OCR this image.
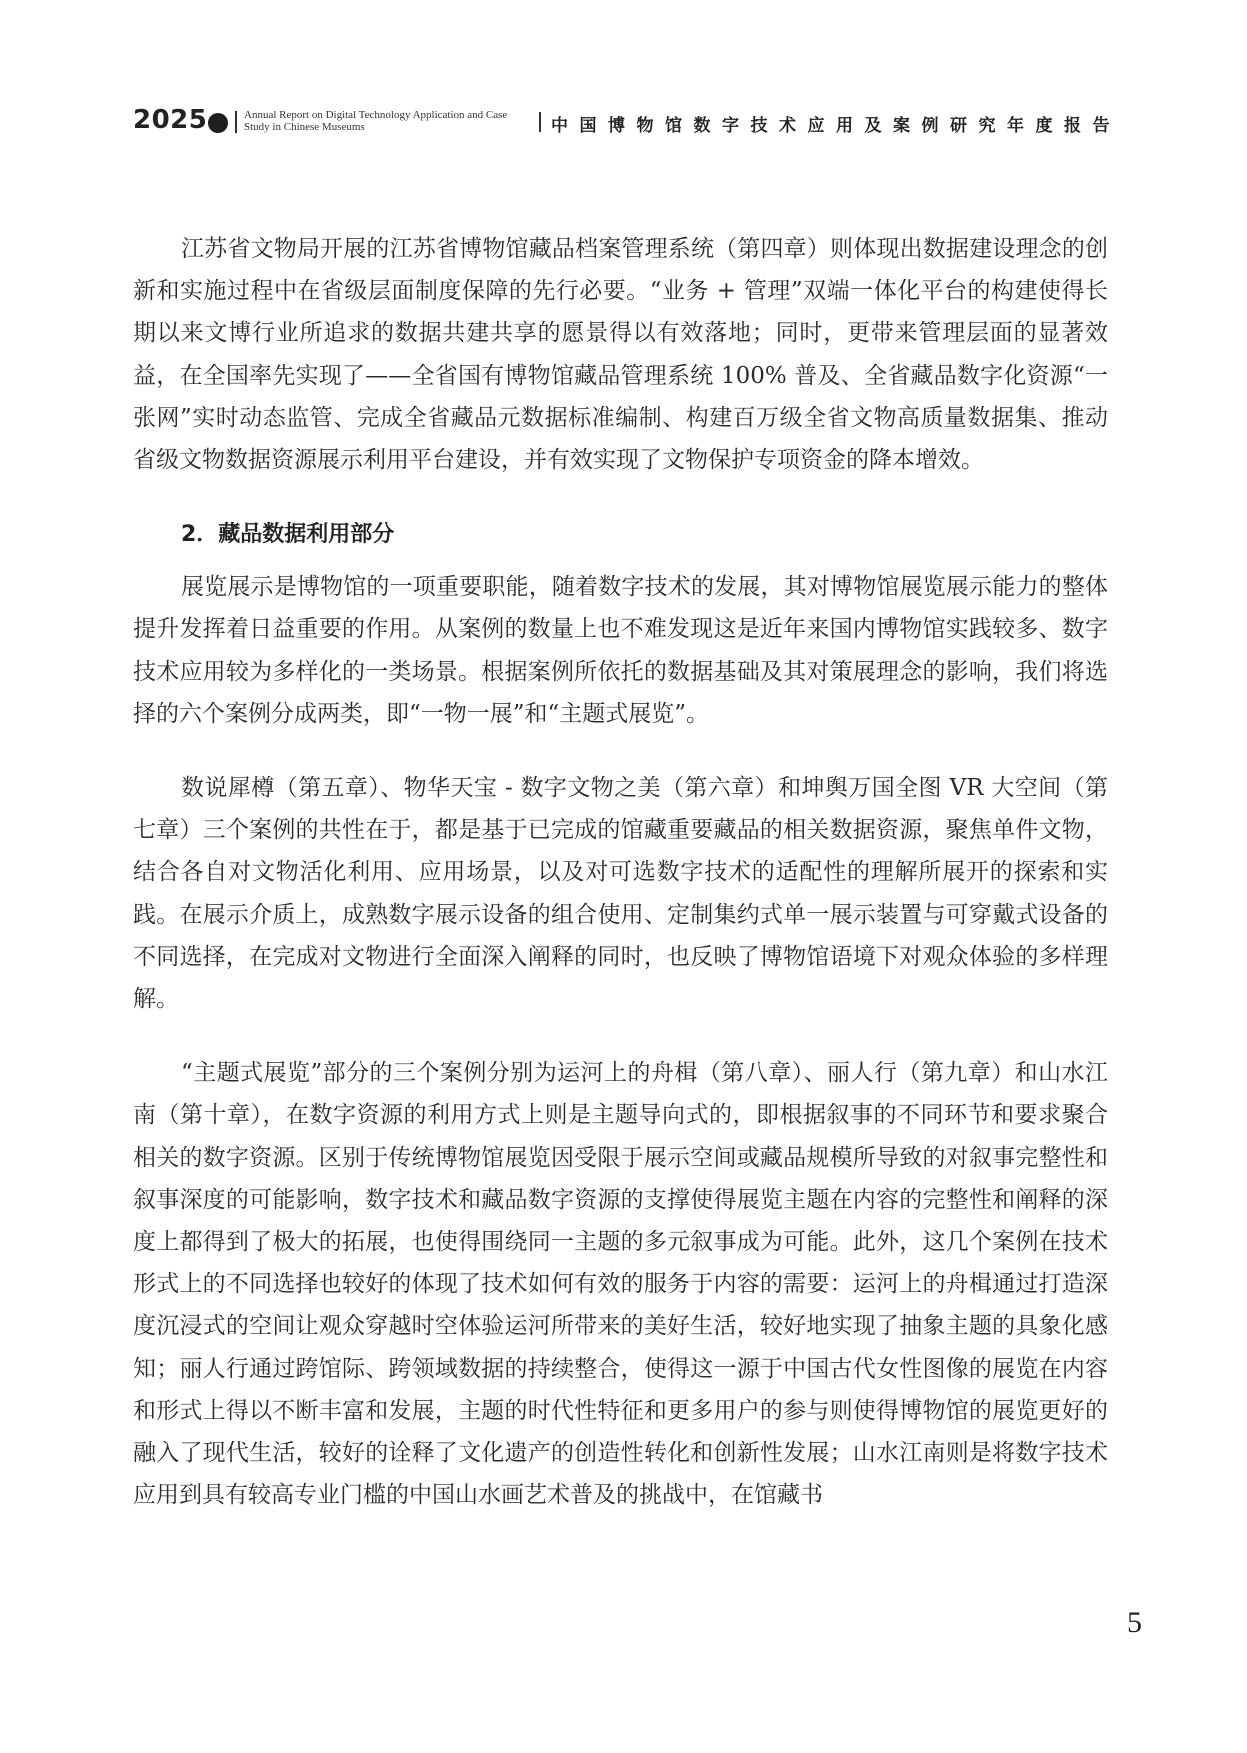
2025	Annual Report on Digital Technology Application and Case Study in Chinese Museums	中国博物馆数字技术应用及案例研究年度报告

江苏省文物局开展的江苏省博物馆藏品档案管理系统（第四章）则体现出数据建设理念的创新和实施过程中在省级层面制度保障的先行必要。“业务 + 管理”双端一体化平台的构建使得长期以来文博行业所追求的数据共建共享的愿景得以有效落地；同时，更带来管理层面的显著效益，在全国率先实现了——全省国有博物馆藏品管理系统 100% 普及、全省藏品数字化资源“一张网”实时动态监管、完成全省藏品元数据标准编制、构建百万级全省文物高质量数据集、推动省级文物数据资源展示利用平台建设，并有效实现了文物保护专项资金的降本增效。

2．藏品数据利用部分

展览展示是博物馆的一项重要职能，随着数字技术的发展，其对博物馆展览展示能力的整体提升发挥着日益重要的作用。从案例的数量上也不难发现这是近年来国内博物馆实践较多、数字技术应用较为多样化的一类场景。根据案例所依托的数据基础及其对策展理念的影响，我们将选择的六个案例分成两类，即“一物一展”和“主题式展览”。

数说犀樽（第五章）、物华天宝 - 数字文物之美（第六章）和坤舆万国全图 VR 大空间（第七章）三个案例的共性在于，都是基于已完成的馆藏重要藏品的相关数据资源，聚焦单件文物，结合各自对文物活化利用、应用场景，以及对可选数字技术的适配性的理解所展开的探索和实践。在展示介质上，成熟数字展示设备的组合使用、定制集约式单一展示装置与可穿戴式设备的不同选择，在完成对文物进行全面深入阐释的同时，也反映了博物馆语境下对观众体验的多样理解。

“主题式展览”部分的三个案例分别为运河上的舟楫（第八章）、丽人行（第九章）和山水江南（第十章），在数字资源的利用方式上则是主题导向式的，即根据叙事的不同环节和要求聚合相关的数字资源。区别于传统博物馆展览因受限于展示空间或藏品规模所导致的对叙事完整性和叙事深度的可能影响，数字技术和藏品数字资源的支撑使得展览主题在内容的完整性和阐释的深度上都得到了极大的拓展，也使得围绕同一主题的多元叙事成为可能。此外，这几个案例在技术形式上的不同选择也较好的体现了技术如何有效的服务于内容的需要：运河上的舟楫通过打造深度沉浸式的空间让观众穿越时空体验运河所带来的美好生活，较好地实现了抽象主题的具象化感知；丽人行通过跨馆际、跨领域数据的持续整合，使得这一源于中国古代女性图像的展览在内容和形式上得以不断丰富和发展，主题的时代性特征和更多用户的参与则使得博物馆的展览更好的融入了现代生活，较好的诠释了文化遗产的创造性转化和创新性发展；山水江南则是将数字技术应用到具有较高专业门槛的中国山水画艺术普及的挑战中，在馆藏书

5
